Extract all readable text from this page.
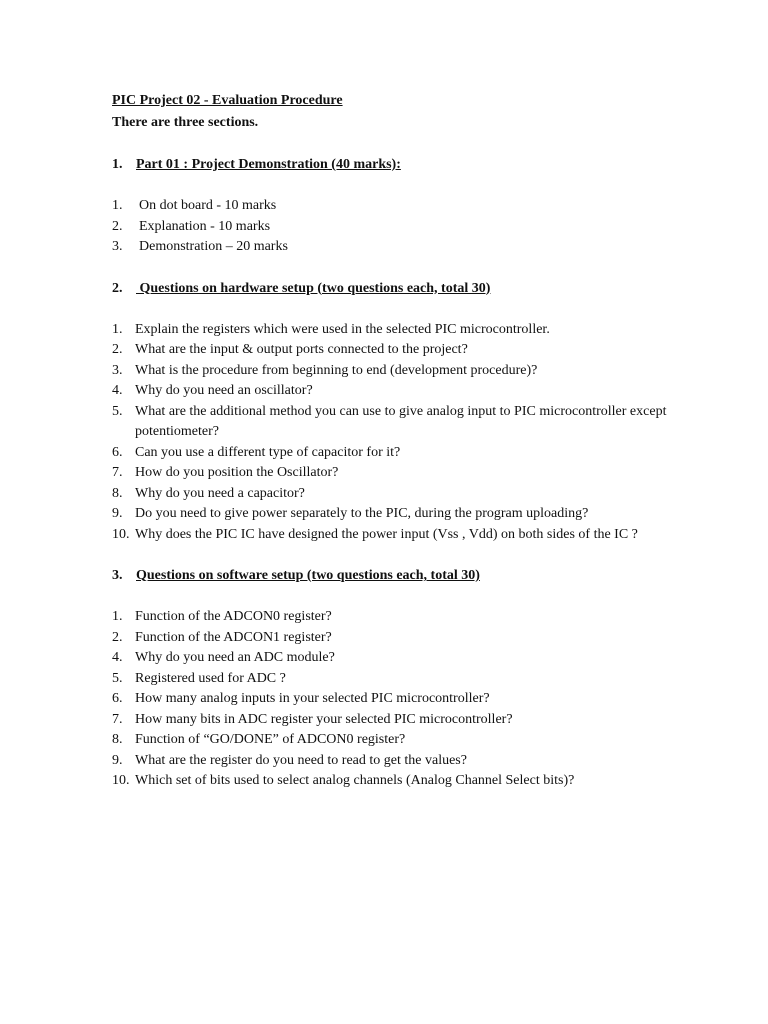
PIC Project 02 - Evaluation Procedure

There are three sections.

1. Part 01 : Project Demonstration (40 marks):
1.	On dot board - 10 marks
2.	Explanation - 10 marks
3.	Demonstration – 20 marks
2. Questions on hardware setup (two questions each, total 30)
1. Explain the registers which were used in the selected PIC microcontroller.
2. What are the input & output ports connected to the project?
3. What is the procedure from beginning to end (development procedure)?
4. Why do you need an oscillator?
5. What are the additional method you can use to give analog input to PIC microcontroller except potentiometer?
6. Can you use a different type of capacitor for it?
7. How do you position the Oscillator?
8. Why do you need a capacitor?
9. Do you need to give power separately to the PIC, during the program uploading?
10. Why does the PIC IC have designed the power input (Vss , Vdd) on both sides of the IC ?
3. Questions on software setup (two questions each, total 30)
1. Function of the ADCON0 register?
2. Function of the ADCON1 register?
4. Why do you need an ADC module?
5. Registered used for ADC ?
6. How many analog inputs in your selected PIC microcontroller?
7. How many bits in ADC register your selected PIC microcontroller?
8. Function of “GO/DONE” of ADCON0 register?
9. What are the register do you need to read to get the values?
10. Which set of bits used to select analog channels (Analog Channel Select bits)?
